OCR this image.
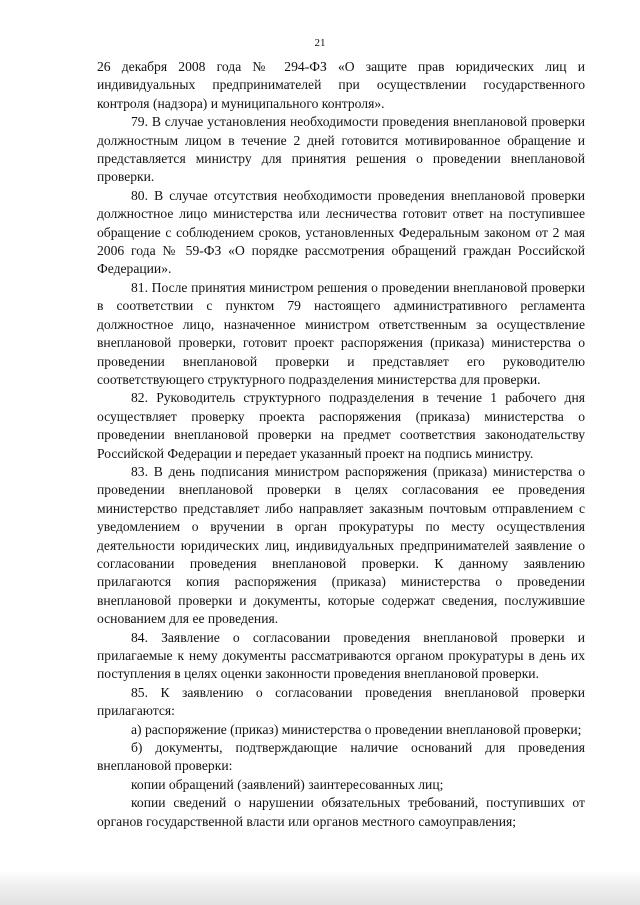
21

26 декабря 2008 года № 294-ФЗ «О защите прав юридических лиц и индивидуальных предпринимателей при осуществлении государственного контроля (надзора) и муниципального контроля».

79. В случае установления необходимости проведения внеплановой проверки должностным лицом в течение 2 дней готовится мотивированное обращение и представляется министру для принятия решения о проведении внеплановой проверки.

80. В случае отсутствия необходимости проведения внеплановой проверки должностное лицо министерства или лесничества готовит ответ на поступившее обращение с соблюдением сроков, установленных Федеральным законом от 2 мая 2006 года № 59-ФЗ «О порядке рассмотрения обращений граждан Российской Федерации».

81. После принятия министром решения о проведении внеплановой проверки в соответствии с пунктом 79 настоящего административного регламента должностное лицо, назначенное министром ответственным за осуществление внеплановой проверки, готовит проект распоряжения (приказа) министерства о проведении внеплановой проверки и представляет его руководителю соответствующего структурного подразделения министерства для проверки.

82. Руководитель структурного подразделения в течение 1 рабочего дня осуществляет проверку проекта распоряжения (приказа) министерства о проведении внеплановой проверки на предмет соответствия законодательству Российской Федерации и передает указанный проект на подпись министру.

83. В день подписания министром распоряжения (приказа) министерства о проведении внеплановой проверки в целях согласования ее проведения министерство представляет либо направляет заказным почтовым отправлением с уведомлением о вручении в орган прокуратуры по месту осуществления деятельности юридических лиц, индивидуальных предпринимателей заявление о согласовании проведения внеплановой проверки. К данному заявлению прилагаются копия распоряжения (приказа) министерства о проведении внеплановой проверки и документы, которые содержат сведения, послужившие основанием для ее проведения.

84. Заявление о согласовании проведения внеплановой проверки и прилагаемые к нему документы рассматриваются органом прокуратуры в день их поступления в целях оценки законности проведения внеплановой проверки.

85. К заявлению о согласовании проведения внеплановой проверки прилагаются:

а) распоряжение (приказ) министерства о проведении внеплановой проверки;

б) документы, подтверждающие наличие оснований для проведения внеплановой проверки:

копии обращений (заявлений) заинтересованных лиц;

копии сведений о нарушении обязательных требований, поступивших от органов государственной власти или органов местного самоуправления;
